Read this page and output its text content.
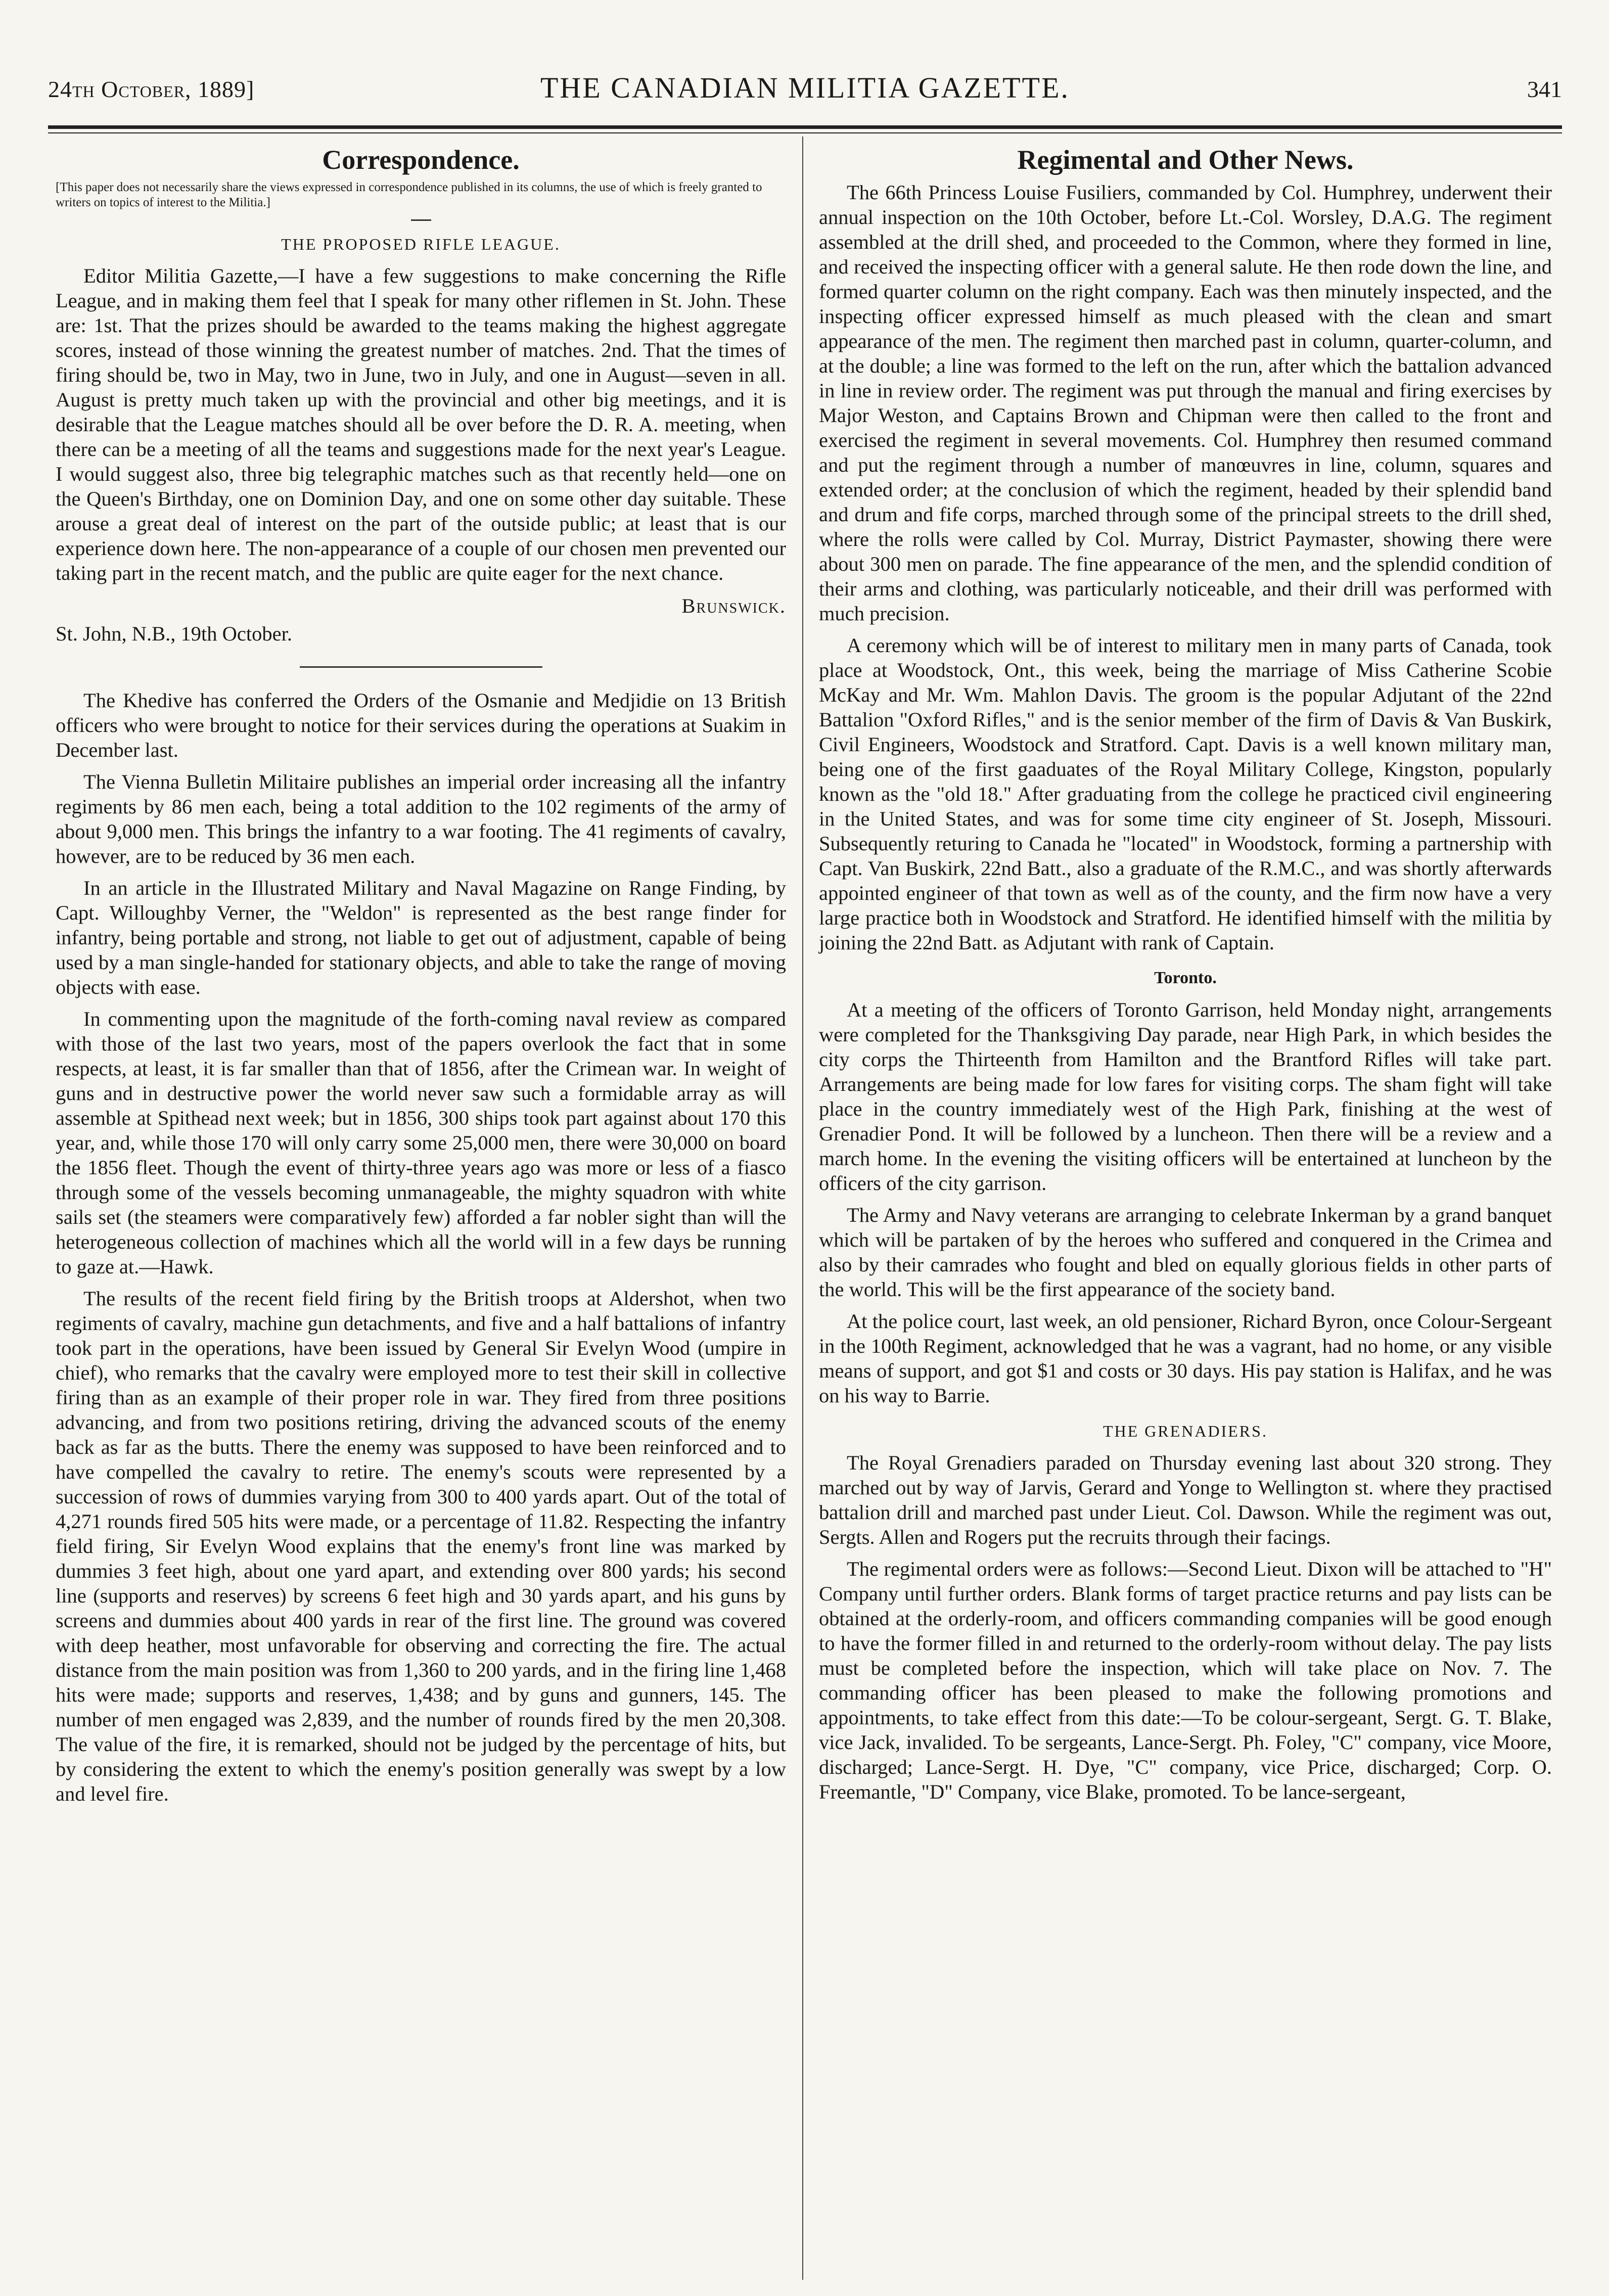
24th October, 1889]	THE CANADIAN MILITIA GAZETTE.	341
Correspondence.
[This paper does not necessarily share the views expressed in correspondence published in its columns, the use of which is freely granted to writers on topics of interest to the Militia.]
THE PROPOSED RIFLE LEAGUE.

Editor Militia Gazette,—I have a few suggestions to make concerning the Rifle League, and in making them feel that I speak for many other riflemen in St. John. These are: 1st. That the prizes should be awarded to the teams making the highest aggregate scores, instead of those winning the greatest number of matches. 2nd. That the times of firing should be, two in May, two in June, two in July, and one in August—seven in all. August is pretty much taken up with the provincial and other big meetings, and it is desirable that the League matches should all be over before the D. R. A. meeting, when there can be a meeting of all the teams and suggestions made for the next year's League. I would suggest also, three big telegraphic matches such as that recently held—one on the Queen's Birthday, one on Dominion Day, and one on some other day suitable. These arouse a great deal of interest on the part of the outside public; at least that is our experience down here. The non-appearance of a couple of our chosen men prevented our taking part in the recent match, and the public are quite eager for the next chance.

Brunswick.

St. John, N.B., 19th October.

The Khedive has conferred the Orders of the Osmanie and Medjidie on 13 British officers who were brought to notice for their services during the operations at Suakim in December last.

The Vienna Bulletin Militaire publishes an imperial order increasing all the infantry regiments by 86 men each, being a total addition to the 102 regiments of the army of about 9,000 men. This brings the infantry to a war footing. The 41 regiments of cavalry, however, are to be reduced by 36 men each.

In an article in the Illustrated Military and Naval Magazine on Range Finding, by Capt. Willoughby Verner, the "Weldon" is represented as the best range finder for infantry, being portable and strong, not liable to get out of adjustment, capable of being used by a man single-handed for stationary objects, and able to take the range of moving objects with ease.

In commenting upon the magnitude of the forth-coming naval review as compared with those of the last two years, most of the papers overlook the fact that in some respects, at least, it is far smaller than that of 1856, after the Crimean war. In weight of guns and in destructive power the world never saw such a formidable array as will assemble at Spithead next week; but in 1856, 300 ships took part against about 170 this year, and, while those 170 will only carry some 25,000 men, there were 30,000 on board the 1856 fleet. Though the event of thirty-three years ago was more or less of a fiasco through some of the vessels becoming unmanageable, the mighty squadron with white sails set (the steamers were comparatively few) afforded a far nobler sight than will the heterogeneous collection of machines which all the world will in a few days be running to gaze at.—Hawk.

The results of the recent field firing by the British troops at Aldershot, when two regiments of cavalry, machine gun detachments, and five and a half battalions of infantry took part in the operations, have been issued by General Sir Evelyn Wood (umpire in chief), who remarks that the cavalry were employed more to test their skill in collective firing than as an example of their proper role in war. They fired from three positions advancing, and from two positions retiring, driving the advanced scouts of the enemy back as far as the butts. There the enemy was supposed to have been reinforced and to have compelled the cavalry to retire. The enemy's scouts were represented by a succession of rows of dummies varying from 300 to 400 yards apart. Out of the total of 4,271 rounds fired 505 hits were made, or a percentage of 11.82. Respecting the infantry field firing, Sir Evelyn Wood explains that the enemy's front line was marked by dummies 3 feet high, about one yard apart, and extending over 800 yards; his second line (supports and reserves) by screens 6 feet high and 30 yards apart, and his guns by screens and dummies about 400 yards in rear of the first line. The ground was covered with deep heather, most unfavorable for observing and correcting the fire. The actual distance from the main position was from 1,360 to 200 yards, and in the firing line 1,468 hits were made; supports and reserves, 1,438; and by guns and gunners, 145. The number of men engaged was 2,839, and the number of rounds fired by the men 20,308. The value of the fire, it is remarked, should not be judged by the percentage of hits, but by considering the extent to which the enemy's position generally was swept by a low and level fire.

Regimental and Other News.

The 66th Princess Louise Fusiliers, commanded by Col. Humphrey, underwent their annual inspection on the 10th October, before Lt.-Col. Worsley, D.A.G. The regiment assembled at the drill shed, and proceeded to the Common, where they formed in line, and received the inspecting officer with a general salute. He then rode down the line, and formed quarter column on the right company. Each was then minutely inspected, and the inspecting officer expressed himself as much pleased with the clean and smart appearance of the men. The regiment then marched past in column, quarter-column, and at the double; a line was formed to the left on the run, after which the battalion advanced in line in review order. The regiment was put through the manual and firing exercises by Major Weston, and Captains Brown and Chipman were then called to the front and exercised the regiment in several movements. Col. Humphrey then resumed command and put the regiment through a number of manœuvres in line, column, squares and extended order; at the conclusion of which the regiment, headed by their splendid band and drum and fife corps, marched through some of the principal streets to the drill shed, where the rolls were called by Col. Murray, District Paymaster, showing there were about 300 men on parade. The fine appearance of the men, and the splendid condition of their arms and clothing, was particularly noticeable, and their drill was performed with much precision.

A ceremony which will be of interest to military men in many parts of Canada, took place at Woodstock, Ont., this week, being the marriage of Miss Catherine Scobie McKay and Mr. Wm. Mahlon Davis. The groom is the popular Adjutant of the 22nd Battalion "Oxford Rifles," and is the senior member of the firm of Davis & Van Buskirk, Civil Engineers, Woodstock and Stratford. Capt. Davis is a well known military man, being one of the first gaaduates of the Royal Military College, Kingston, popularly known as the "old 18." After graduating from the college he practiced civil engineering in the United States, and was for some time city engineer of St. Joseph, Missouri. Subsequently returing to Canada he "located" in Woodstock, forming a partnership with Capt. Van Buskirk, 22nd Batt., also a graduate of the R.M.C., and was shortly afterwards appointed engineer of that town as well as of the county, and the firm now have a very large practice both in Woodstock and Stratford. He identified himself with the militia by joining the 22nd Batt. as Adjutant with rank of Captain.

Toronto.

At a meeting of the officers of Toronto Garrison, held Monday night, arrangements were completed for the Thanksgiving Day parade, near High Park, in which besides the city corps the Thirteenth from Hamilton and the Brantford Rifles will take part. Arrangements are being made for low fares for visiting corps. The sham fight will take place in the country immediately west of the High Park, finishing at the west of Grenadier Pond. It will be followed by a luncheon. Then there will be a review and a march home. In the evening the visiting officers will be entertained at luncheon by the officers of the city garrison.

The Army and Navy veterans are arranging to celebrate Inkerman by a grand banquet which will be partaken of by the heroes who suffered and conquered in the Crimea and also by their camrades who fought and bled on equally glorious fields in other parts of the world. This will be the first appearance of the society band.

At the police court, last week, an old pensioner, Richard Byron, once Colour-Sergeant in the 100th Regiment, acknowledged that he was a vagrant, had no home, or any visible means of support, and got $1 and costs or 30 days. His pay station is Halifax, and he was on his way to Barrie.

THE GRENADIERS.

The Royal Grenadiers paraded on Thursday evening last about 320 strong. They marched out by way of Jarvis, Gerard and Yonge to Wellington st. where they practised battalion drill and marched past under Lieut. Col. Dawson. While the regiment was out, Sergts. Allen and Rogers put the recruits through their facings.

The regimental orders were as follows:—Second Lieut. Dixon will be attached to "H" Company until further orders. Blank forms of target practice returns and pay lists can be obtained at the orderly-room, and officers commanding companies will be good enough to have the former filled in and returned to the orderly-room without delay. The pay lists must be completed before the inspection, which will take place on Nov. 7. The commanding officer has been pleased to make the following promotions and appointments, to take effect from this date:—To be colour-sergeant, Sergt. G. T. Blake, vice Jack, invalided. To be sergeants, Lance-Sergt. Ph. Foley, "C" company, vice Moore, discharged; Lance-Sergt. H. Dye, "C" company, vice Price, discharged; Corp. O. Freemantle, "D" Company, vice Blake, promoted. To be lance-sergeant,
